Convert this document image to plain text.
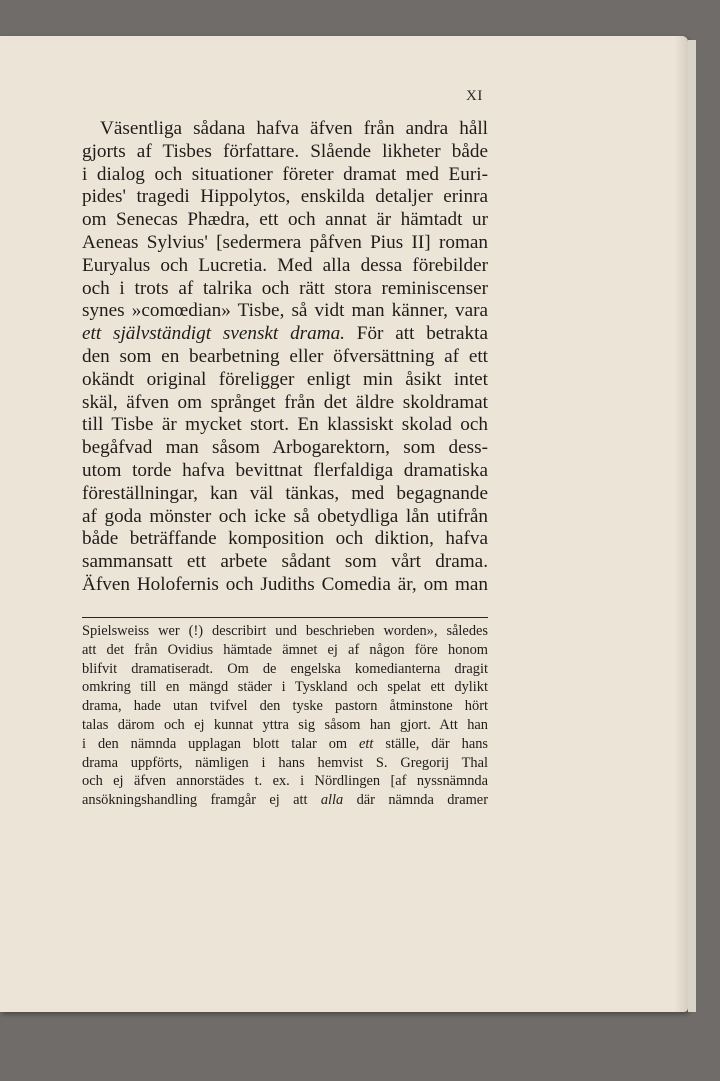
XI
Väsentliga sådana hafva äfven från andra håll
gjorts af Tisbes författare. Slående likheter både
i dialog och situationer företer dramat med Euri-
pides' tragedi Hippolytos, enskilda detaljer erinra
om Senecas Phædra, ett och annat är hämtadt ur
Aeneas Sylvius' [sedermera påfven Pius II] roman
Euryalus och Lucretia. Med alla dessa förebilder
och i trots af talrika och rätt stora reminiscenser
synes »comœdian» Tisbe, så vidt man känner, vara
ett självständigt svenskt drama. För att betrakta
den som en bearbetning eller öfversättning af ett
okändt original föreligger enligt min åsikt intet
skäl, äfven om språnget från det äldre skoldramat
till Tisbe är mycket stort. En klassiskt skolad och
begåfvad man såsom Arbogarektorn, som dess-
utom torde hafva bevittnat flerfaldiga dramatiska
föreställningar, kan väl tänkas, med begagnande
af goda mönster och icke så obetydliga lån utifrån
både beträffande komposition och diktion, hafva
sammansatt ett arbete sådant som vårt drama.
Äfven Holofernis och Judiths Comedia är, om man
Spielsweiss wer (!) describirt und beschrieben worden», således
att det från Ovidius hämtade ämnet ej af någon före honom
blifvit dramatiseradt. Om de engelska komedianterna dragit
omkring till en mängd städer i Tyskland och spelat ett dylikt
drama, hade utan tvifvel den tyske pastorn åtminstone hört
talas därom och ej kunnat yttra sig såsom han gjort. Att han
i den nämnda upplagan blott talar om ett ställe, där hans
drama uppförts, nämligen i hans hemvist S. Gregorij Thal
och ej äfven annorstädes t. ex. i Nördlingen [af nyssnämnda
ansökningshandling framgår ej att alla där nämnda dramer
